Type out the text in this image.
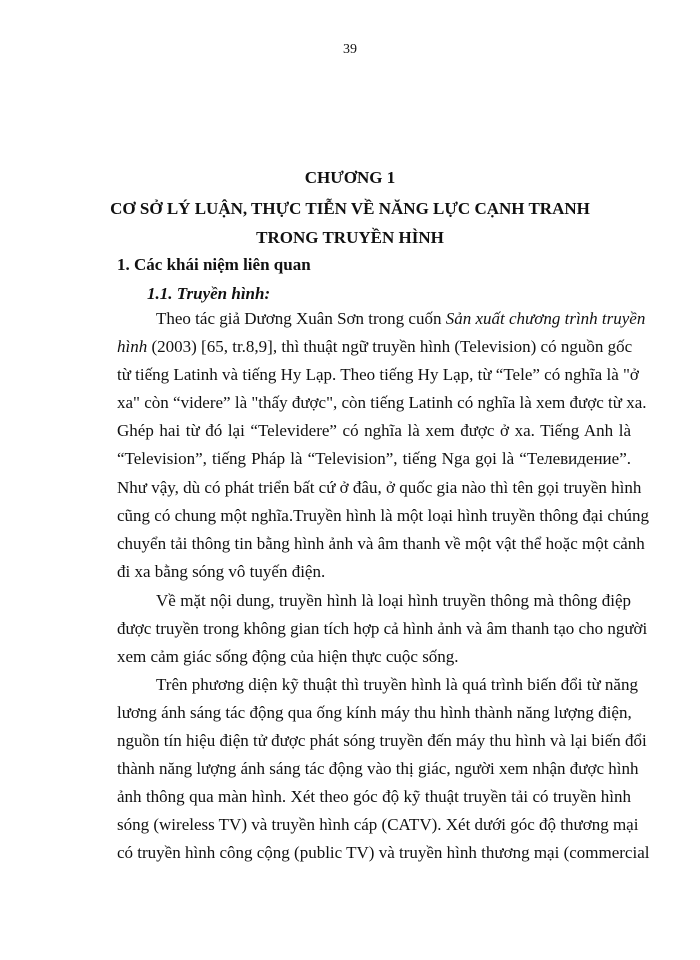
39
CHƯƠNG 1
CƠ SỞ LÝ LUẬN, THỰC TIỄN VỀ NĂNG LỰC CẠNH TRANH
TRONG TRUYỀN HÌNH
1. Các khái niệm liên quan
1.1. Truyền hình:
Theo tác giả Dương Xuân Sơn trong cuốn Sản xuất chương trình truyền
hình (2003) [65, tr.8,9], thì thuật ngữ truyền hình (Television) có nguồn gốc
từ tiếng Latinh và tiếng Hy Lạp. Theo tiếng Hy Lạp, từ “Tele” có nghĩa là "ở
xa" còn “videre” là "thấy được", còn tiếng Latinh có nghĩa là xem được từ xa.
Ghép hai từ đó lại “Televidere” có nghĩa là xem được ở xa. Tiếng Anh là
“Television”, tiếng Pháp là “Television”, tiếng Nga gọi là “Телевидение”.
Như vậy, dù có phát triển bất cứ ở đâu, ở quốc gia nào thì tên gọi truyền hình
cũng có chung một nghĩa.Truyền hình là một loại hình truyền thông đại chúng
chuyển tải thông tin bằng hình ảnh và âm thanh về một vật thể hoặc một cảnh
đi xa bằng sóng vô tuyến điện.
Về mặt nội dung, truyền hình là loại hình truyền thông mà thông điệp
được truyền trong không gian tích hợp cả hình ảnh và âm thanh tạo cho người
xem cảm giác sống động của hiện thực cuộc sống.
Trên phương diện kỹ thuật thì truyền hình là quá trình biến đổi từ năng
lương ánh sáng tác động qua ống kính máy thu hình thành năng lượng điện,
nguồn tín hiệu điện tử được phát sóng truyền đến máy thu hình và lại biến đổi
thành năng lượng ánh sáng tác động vào thị giác, người xem nhận được hình
ảnh thông qua màn hình. Xét theo góc độ kỹ thuật truyền tải có truyền hình
sóng (wireless TV) và truyền hình cáp (CATV). Xét dưới góc độ thương mại
có truyền hình công cộng (public TV) và truyền hình thương mại (commercial
